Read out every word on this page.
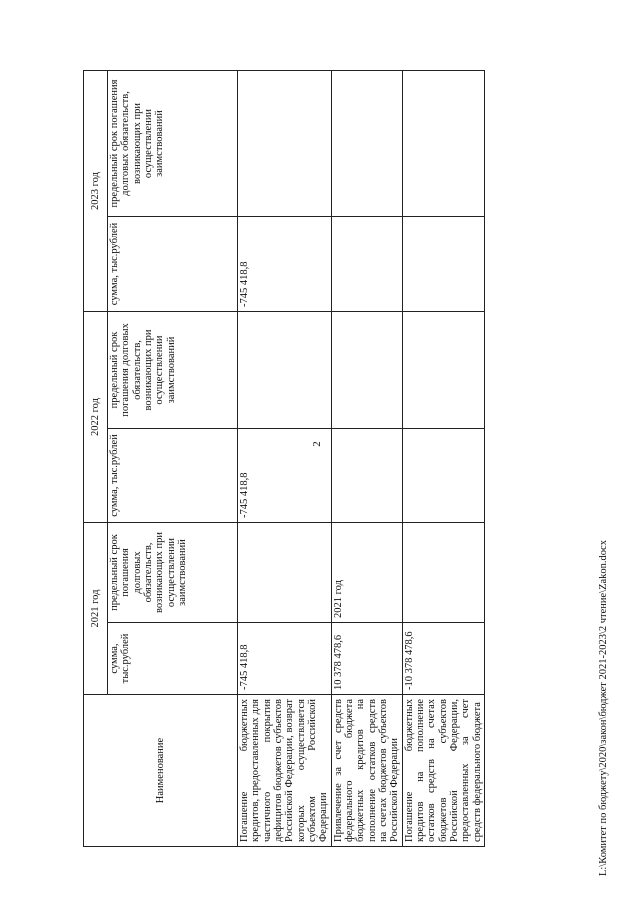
2
Наименование	2021 год		2022 год		2023 год	
	сумма, тыс.рублей	предельный срок погашения долговых обязательств, возникающих при осуществлении заимствований	сумма, тыс.рублей	предельный срок погашения долговых обязательств, возникающих при осуществлении заимствований	сумма, тыс.рублей	предельный срок погашения долговых обязательств, возникающих при осуществлении заимствований
Погашение бюджетных кредитов, предоставленных для частичного покрытия дефицитов бюджетов субъектов Российской Федерации, возврат которых осуществляется субъектом Российской Федерации	-745 418,8		-745 418,8		-745 418,8	
Привлечение за счет средств федерального бюджета бюджетных кредитов на пополнение остатков средств на счетах бюджетов субъектов Российской Федерации	10 378 478,6	2021 год				
Погашение бюджетных кредитов на пополнение остатков средств на счетах бюджетов субъектов Российской Федерации, предоставленных за счет средств федерального бюджета	-10 378 478,6						L:\Комитет по бюджету\2020\закон\бюджет 2021-2023\2 чтение\Zakon.docx
